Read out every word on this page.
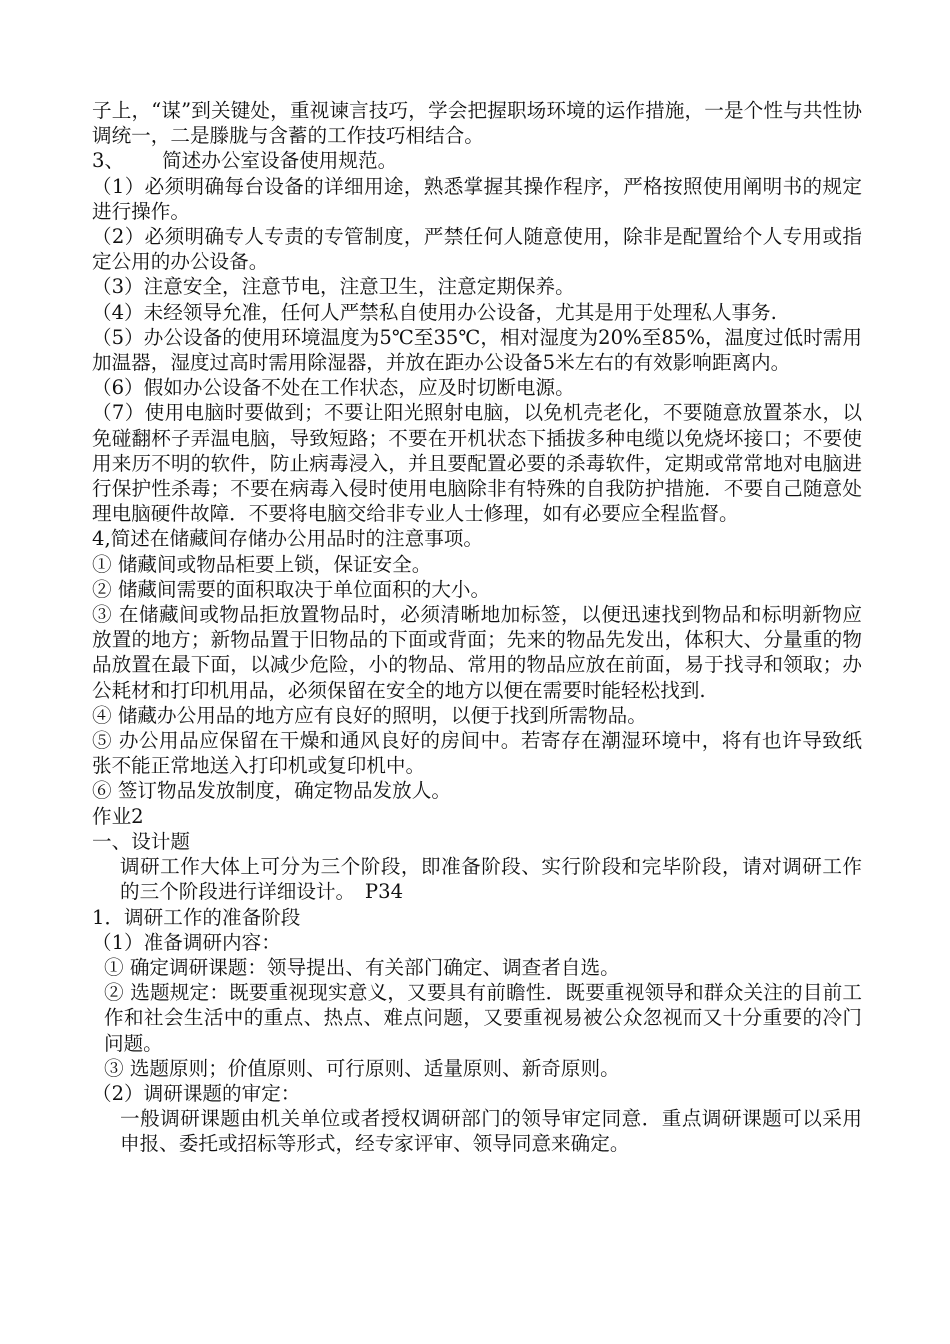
子上，“谋”到关键处，重视谏言技巧，学会把握职场环境的运作措施，一是个性与共性协调统一，二是滕胧与含蓄的工作技巧相结合。

3、 简述办公室设备使用规范。

（1）必须明确每台设备的详细用途，熟悉掌握其操作程序，严格按照使用阐明书的规定进行操作。

（2）必须明确专人专责的专管制度，严禁任何人随意使用，除非是配置给个人专用或指定公用的办公设备。

（3）注意安全，注意节电，注意卫生，注意定期保养。

（4）未经领导允准，任何人严禁私自使用办公设备，尤其是用于处理私人事务.

（5）办公设备的使用环境温度为5℃至35℃，相对湿度为20%至85%，温度过低时需用加温器，湿度过高时需用除湿器，并放在距办公设备5米左右的有效影响距离内。

（6）假如办公设备不处在工作状态，应及时切断电源。

（7）使用电脑时要做到；不要让阳光照射电脑，以免机壳老化，不要随意放置茶水，以免碰翻杯子弄温电脑，导致短路；不要在开机状态下插拔多种电缆以免烧坏接口；不要使用来历不明的软件，防止病毒浸入，并且要配置必要的杀毒软件，定期或常常地对电脑进行保护性杀毒；不要在病毒入侵时使用电脑除非有特殊的自我防护措施．不要自己随意处理电脑硬件故障．不要将电脑交给非专业人士修理，如有必要应全程监督。

4,简述在储藏间存储办公用品时的注意事项。

① 储藏间或物品柜要上锁，保证安全。

② 储藏间需要的面积取决于单位面积的大小。

③ 在储藏间或物品拒放置物品时，必须清晰地加标签，以便迅速找到物品和标明新物应放置的地方；新物品置于旧物品的下面或背面；先来的物品先发出，体积大、分量重的物品放置在最下面，以减少危险，小的物品、常用的物品应放在前面，易于找寻和领取；办公耗材和打印机用品，必须保留在安全的地方以便在需要时能轻松找到.

④ 储藏办公用品的地方应有良好的照明，以便于找到所需物品。

⑤ 办公用品应保留在干燥和通风良好的房间中。若寄存在潮湿环境中，将有也许导致纸张不能正常地送入打印机或复印机中。

⑥ 签订物品发放制度，确定物品发放人。

作业2

一、设计题

调研工作大体上可分为三个阶段，即准备阶段、实行阶段和完毕阶段，请对调研工作的三个阶段进行详细设计。　P34

1．调研工作的准备阶段

（1）准备调研内容：

① 确定调研课题：领导提出、有关部门确定、调查者自选。

② 选题规定：既要重视现实意义，又要具有前瞻性．既要重视领导和群众关注的目前工作和社会生活中的重点、热点、难点问题，又要重视易被公众忽视而又十分重要的冷门问题。

③ 选题原则；价值原则、可行原则、适量原则、新奇原则。

（2）调研课题的审定：

一般调研课题由机关单位或者授权调研部门的领导审定同意．重点调研课题可以采用申报、委托或招标等形式，经专家评审、领导同意来确定。
